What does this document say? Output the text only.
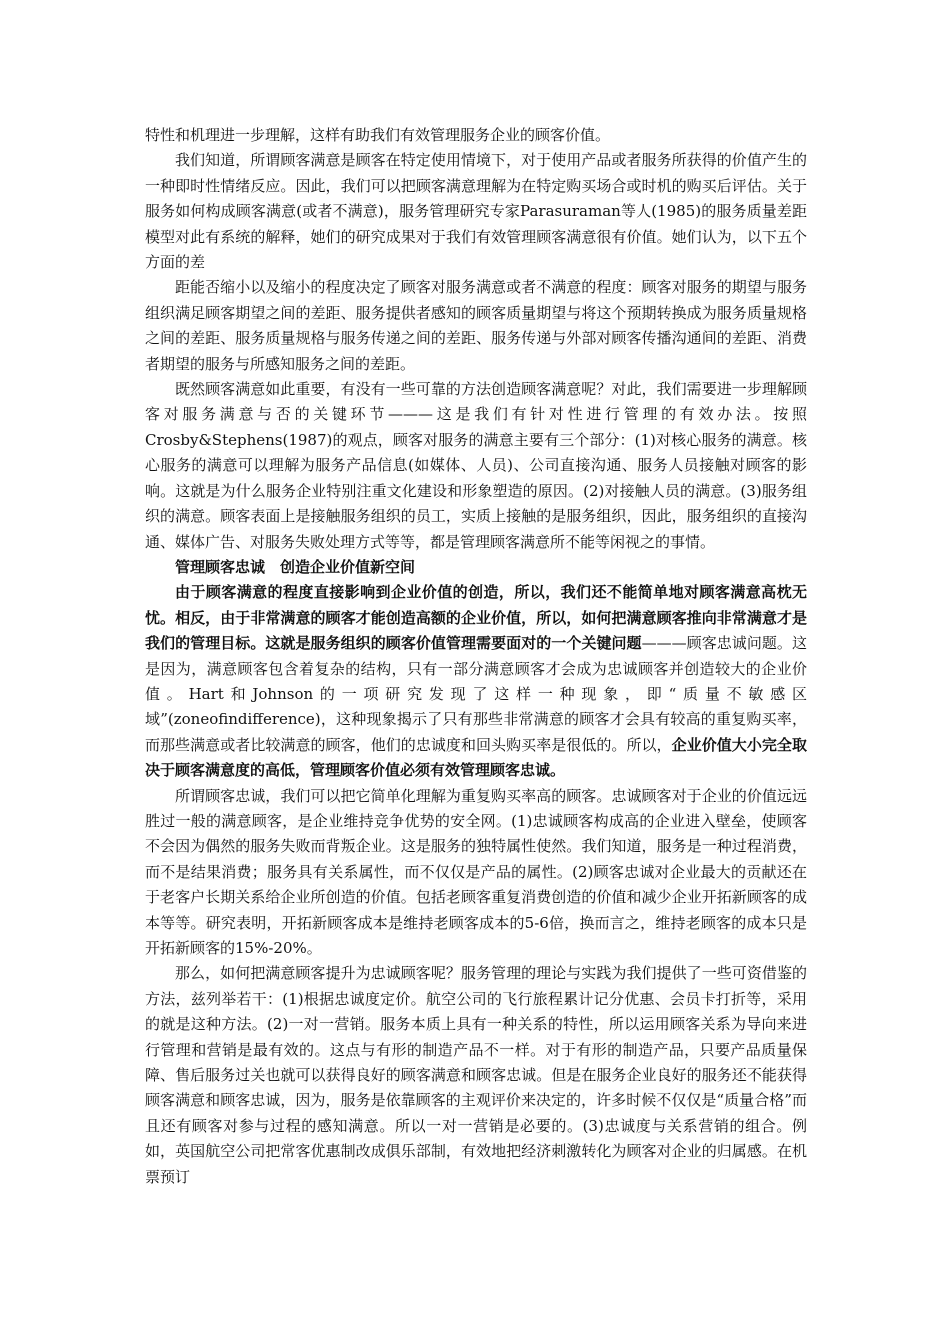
特性和机理进一步理解，这样有助我们有效管理服务企业的顾客价值。

我们知道，所谓顾客满意是顾客在特定使用情境下，对于使用产品或者服务所获得的价值产生的一种即时性情绪反应。因此，我们可以把顾客满意理解为在特定购买场合或时机的购买后评估。关于服务如何构成顾客满意(或者不满意)，服务管理研究专家Parasuraman等人(1985)的服务质量差距模型对此有系统的解释，她们的研究成果对于我们有效管理顾客满意很有价值。她们认为，以下五个方面的差

距能否缩小以及缩小的程度决定了顾客对服务满意或者不满意的程度：顾客对服务的期望与服务组织满足顾客期望之间的差距、服务提供者感知的顾客质量期望与将这个预期转换成为服务质量规格之间的差距、服务质量规格与服务传递之间的差距、服务传递与外部对顾客传播沟通间的差距、消费者期望的服务与所感知服务之间的差距。

既然顾客满意如此重要，有没有一些可靠的方法创造顾客满意呢？对此，我们需要进一步理解顾客对服务满意与否的关键环节———这是我们有针对性进行管理的有效办法。按照Crosby&Stephens(1987)的观点，顾客对服务的满意主要有三个部分：(1)对核心服务的满意。核心服务的满意可以理解为服务产品信息(如媒体、人员)、公司直接沟通、服务人员接触对顾客的影响。这就是为什么服务企业特别注重文化建设和形象塑造的原因。(2)对接触人员的满意。(3)服务组织的满意。顾客表面上是接触服务组织的员工，实质上接触的是服务组织，因此，服务组织的直接沟通、媒体广告、对服务失败处理方式等等，都是管理顾客满意所不能等闲视之的事情。

管理顾客忠诚　创造企业价值新空间

由于顾客满意的程度直接影响到企业价值的创造，所以，我们还不能简单地对顾客满意高枕无忧。相反，由于非常满意的顾客才能创造高额的企业价值，所以，如何把满意顾客推向非常满意才是我们的管理目标。这就是服务组织的顾客价值管理需要面对的一个关键问题———顾客忠诚问题。这是因为，满意顾客包含着复杂的结构，只有一部分满意顾客才会成为忠诚顾客并创造较大的企业价值。Hart和Johnson的一项研究发现了这样一种现象，即“质量不敏感区域”(zoneofindifference)，这种现象揭示了只有那些非常满意的顾客才会具有较高的重复购买率，而那些满意或者比较满意的顾客，他们的忠诚度和回头购买率是很低的。所以，企业价值大小完全取决于顾客满意度的高低，管理顾客价值必须有效管理顾客忠诚。

所谓顾客忠诚，我们可以把它简单化理解为重复购买率高的顾客。忠诚顾客对于企业的价值远远胜过一般的满意顾客，是企业维持竞争优势的安全网。(1)忠诚顾客构成高的企业进入壁垒，使顾客不会因为偶然的服务失败而背叛企业。这是服务的独特属性使然。我们知道，服务是一种过程消费，而不是结果消费；服务具有关系属性，而不仅仅是产品的属性。(2)顾客忠诚对企业最大的贡献还在于老客户长期关系给企业所创造的价值。包括老顾客重复消费创造的价值和减少企业开拓新顾客的成本等等。研究表明，开拓新顾客成本是维持老顾客成本的5-6倍，换而言之，维持老顾客的成本只是开拓新顾客的15%-20%。

那么，如何把满意顾客提升为忠诚顾客呢？服务管理的理论与实践为我们提供了一些可资借鉴的方法，兹列举若干：(1)根据忠诚度定价。航空公司的飞行旅程累计记分优惠、会员卡打折等，采用的就是这种方法。(2)一对一营销。服务本质上具有一种关系的特性，所以运用顾客关系为导向来进行管理和营销是最有效的。这点与有形的制造产品不一样。对于有形的制造产品，只要产品质量保障、售后服务过关也就可以获得良好的顾客满意和顾客忠诚。但是在服务企业良好的服务还不能获得顾客满意和顾客忠诚，因为，服务是依靠顾客的主观评价来决定的，许多时候不仅仅是“质量合格”而且还有顾客对参与过程的感知满意。所以一对一营销是必要的。(3)忠诚度与关系营销的组合。例如，英国航空公司把常客优惠制改成俱乐部制，有效地把经济刺激转化为顾客对企业的归属感。在机票预订
